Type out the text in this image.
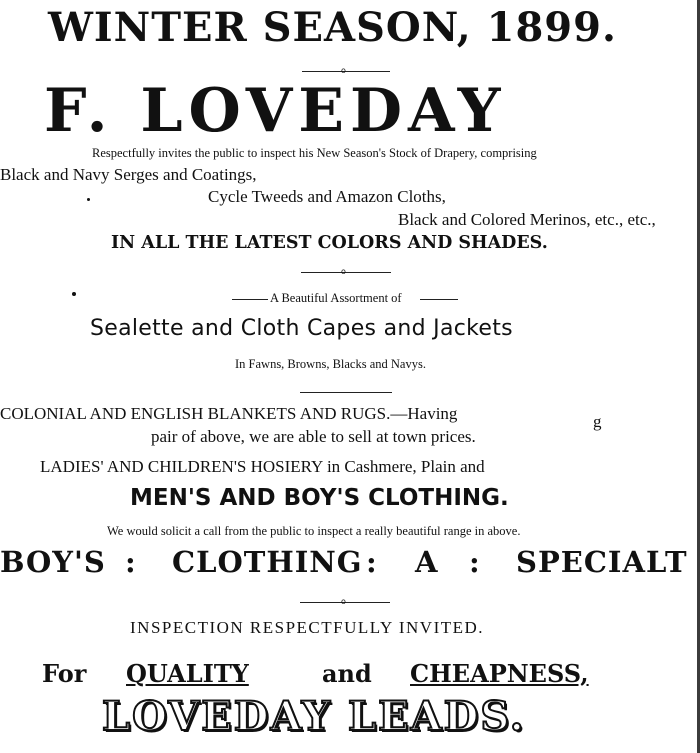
WINTER SEASON, 1899.
o
F. LOVEDAY
Respectfully invites the public to inspect his New Season's Stock of Drapery, comprising
Black and Navy Serges and Coatings,
Cycle Tweeds and Amazon Cloths,
Black and Colored Merinos, etc., etc.,
IN ALL THE LATEST COLORS AND SHADES.
o
A Beautiful Assortment of
Sealette and Cloth Capes and Jackets
In Fawns, Browns, Blacks and Navys.
COLONIAL AND ENGLISH BLANKETS AND RUGS.—Having	g
pair of above, we are able to sell at town prices.
LADIES' AND CHILDREN'S HOSIERY in Cashmere, Plain and
MEN'S AND BOY'S CLOTHING.
We would solicit a call from the public to inspect a really beautiful range in above.
BOY'S : CLOTHING : A : SPECIALT
o
INSPECTION RESPECTFULLY INVITED.
For QUALITY	and CHEAPNESS,
LOVEDAY LEADS.
